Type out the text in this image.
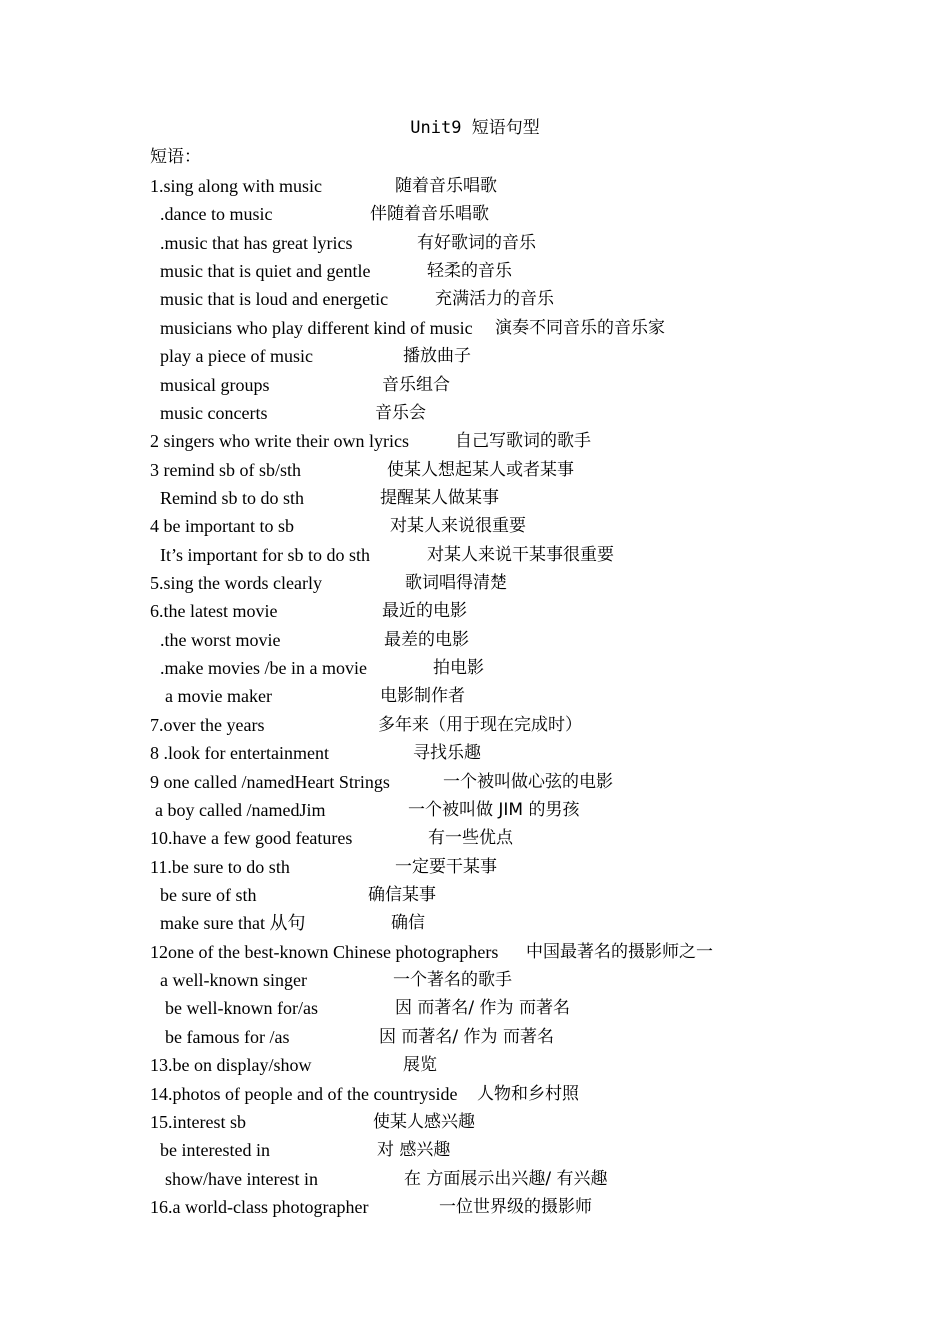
Unit9 短语句型
短语：
1.sing along with music	随着音乐唱歌
.dance to music	伴随着音乐唱歌
.music that has great lyrics	有好歌词的音乐
music that is quiet and gentle	轻柔的音乐
music that is loud and energetic	充满活力的音乐
musicians who play different kind of music 演奏不同音乐的音乐家
play a piece of music	播放曲子
musical groups	音乐组合
music concerts	音乐会
2 singers who write their own lyrics	自己写歌词的歌手
3 remind sb of sb/sth	使某人想起某人或者某事
Remind sb to do sth	提醒某人做某事
4 be important to sb	对某人来说很重要
It’s important for sb to do sth	对某人来说干某事很重要
5.sing the words clearly	歌词唱得清楚
6.the latest movie	最近的电影
.the worst movie	最差的电影
.make movies /be in a movie	拍电影
a movie maker	电影制作者
7.over the years	多年来（用于现在完成时）
8 .look for entertainment	寻找乐趣
9 one called /namedHeart Strings	一个被叫做心弦的电影
a boy called /namedJim	一个被叫做 JIM 的男孩
10.have a few good features	有一些优点
11.be sure to do sth	一定要干某事
be sure of sth	确信某事
make sure that 从句	确信
12one of the best-known Chinese photographers 中国最著名的摄影师之一
a well-known singer	一个著名的歌手
be well-known for/as	因 而著名/ 作为 而著名
be famous for /as	因 而著名/ 作为 而著名
13.be on display/show	展览
14.photos of people and of the countryside 人物和乡村照
15.interest sb	使某人感兴趣
be interested in	对 感兴趣
show/have interest in	在 方面展示出兴趣/ 有兴趣
16.a world-class photographer	一位世界级的摄影师
